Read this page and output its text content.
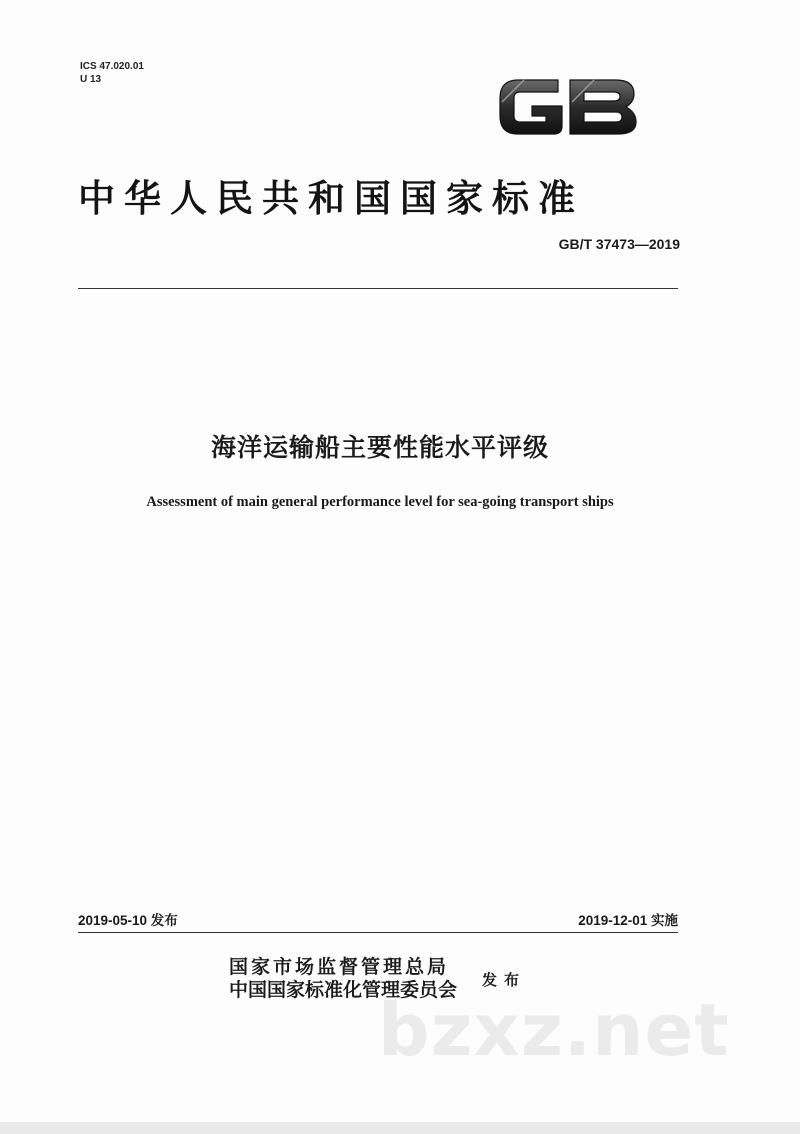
ICS 47.020.01
U 13
中华人民共和国国家标准
GB/T 37473—2019
海洋运输船主要性能水平评级
Assessment of main general performance level for sea-going transport ships
2019-05-10 发布	2019-12-01 实施
国家市场监督管理总局
中国国家标准化管理委员会 发布
bzxz.net
